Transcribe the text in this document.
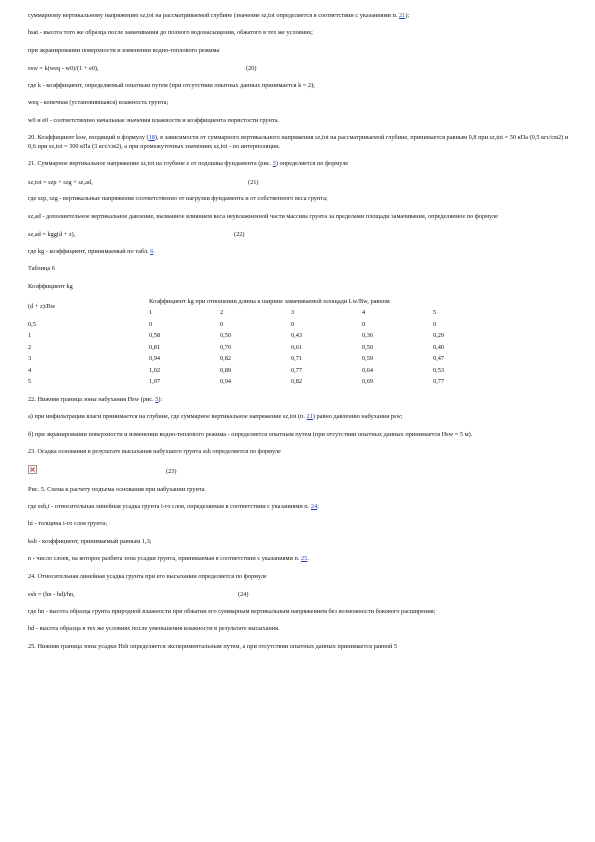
суммарному вертикальному напряжению sz,tot на рассматриваемой глубине (значение sz,tot определяется в соответствии с указаниями п. 21);

hsat - высота того же образца после замачивания до полного водонасыщения, обжатого в тех же условиях;

при экранировании поверхности и изменении водно-теплового режима

esw = k(weq - w0)/(1 + e0),	(20)

где k - коэффициент, определяемый опытным путем (при отсутствии опытных данных принимается k = 2);

weq - конечная (установившаяся) влажность грунта;

w0 и e0 - соответственно начальные значения влажности и коэффициента пористости грунта.

20. Коэффициент ksw, входящий в формулу (18), в зависимости от суммарного вертикального напряжения sz,tot на рассматриваемой глубине, принимается равным 0,8 при sz,tot = 50 кПа (0,5 кгс/см2) и 0,6 при sz,tot = 300 кПа (3 кгс/см2), а при промежуточных значениях sz,tot - по интерполяции.

21. Суммарное вертикальное напряжение sz,tot на глубине z от подошвы фундамента (рис. 5) определяется по формуле

sz,tot = szp + szg + sz,ad,	(21)

где szp, szg - вертикальные напряжения соответственно от нагрузки фундамента и от собственного веса грунта;

sz,ad - дополнительное вертикальное давление, вызванное влиянием веса неувлажненной части массива грунта за пределами площади замачивания, определяемое по формуле

sz,ad = kgg(d + z),	(22)

где kg - коэффициент, принимаемый по табл. 6.

Таблица 6

Коэффициент kg

(d + z)/Bw	Коэффициент kg при отношении длины к ширине замачиваемой площади Lw/Bw, равном				
	1	2	3	4	5
0,5	0	0	0	0	0
1	0,58	0,50	0,43	0,36	0,29
2	0,81	0,70	0,61	0,50	0,40
3	0,94	0,82	0,71	0,59	0,47
4	1,02	0,89	0,77	0,64	0,53
5	1,07	0,94	0,82	0,69	0,77

22. Нижняя граница зоны набухания Hsw (рис. 5):

а) при инфильтрации влаги принимается на глубине, где суммарное вертикальное напряжение sz,tot (п. 21) равно давлению набухания psw;

б) при экранировании поверхности и изменении водно-теплового режима - определяется опытным путем (при отсутствии опытных данных принимается Hsw = 5 м).

23. Осадка основания в результате высыхания набухшего грунта ssh определяется по формуле

(23)

Рис. 5. Схема к расчету подъема основания при набухании грунта

где esh,i - относительная линейная усадка грунта i-го слоя, определяемая в соответствии с указаниями п. 24;

hi - толщина i-го слоя грунта;

ksh - коэффициент, принимаемый равным 1,3;

n - число слоев, на которое разбита зона усадки грунта, принимаемая в соответствии с указаниями п. 25.

24. Относительная линейная усадка грунта при его высыхании определяется по формуле

esh = (hn - hd)/hn,	(24)

где hn - высота образца грунта природной влажности при обжатии его суммарным вертикальным напряжением без возможности бокового расширения;

hd - высота образца в тех же условиях после уменьшения влажности в результате высыхания.

25. Нижняя граница зоны усадки Hsh определяется экспериментальным путем, а при отсутствии опытных данных принимается равной 5
